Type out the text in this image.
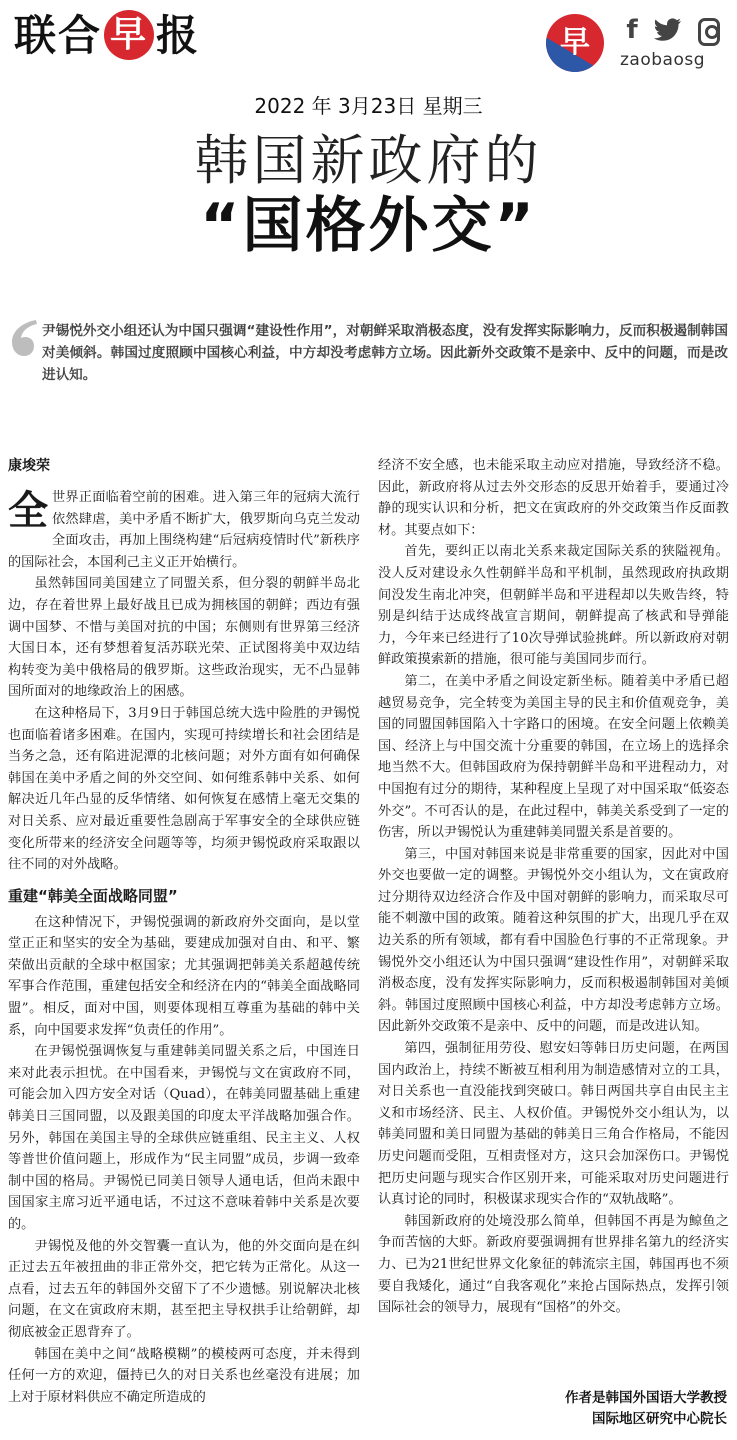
联合 早 报	早	f
zaobaosg
2022 年 3月23日 星期三
韩国新政府的
“国格外交”
尹锡悦外交小组还认为中国只强调“建设性作用”，对朝鲜采取消极态度，没有发挥实际影响力，反而积极遏制韩国对美倾斜。韩国过度照顾中国核心利益，中方却没考虑韩方立场。因此新外交政策不是亲中、反中的问题，而是改进认知。
康埈荣

全世界正面临着空前的困难。进入第三年的冠病大流行依然肆虐，美中矛盾不断扩大，俄罗斯向乌克兰发动全面攻击，再加上围绕构建“后冠病疫情时代”新秩序的国际社会，本国利己主义正开始横行。

虽然韩国同美国建立了同盟关系，但分裂的朝鲜半岛北边，存在着世界上最好战且已成为拥核国的朝鲜；西边有强调中国梦、不惜与美国对抗的中国；东侧则有世界第三经济大国日本，还有梦想着复活苏联光荣、正试图将美中双边结构转变为美中俄格局的俄罗斯。这些政治现实，无不凸显韩国所面对的地缘政治上的困感。

在这种格局下，3月9日于韩国总统大选中险胜的尹锡悦也面临着诸多困难。在国内，实现可持续增长和社会团结是当务之急，还有陷进泥潭的北核问题；对外方面有如何确保韩国在美中矛盾之间的外交空间、如何维系韩中关系、如何解决近几年凸显的反华情绪、如何恢复在感情上毫无交集的对日关系、应对最近重要性急剧高于军事安全的全球供应链变化所带来的经济安全问题等等，均须尹锡悦政府采取跟以往不同的对外战略。

重建“韩美全面战略同盟”

在这种情况下，尹锡悦强调的新政府外交面向，是以堂堂正正和坚实的安全为基础，要建成加强对自由、和平、繁荣做出贡献的全球中枢国家；尤其强调把韩美关系超越传统军事合作范围，重建包括安全和经济在内的“韩美全面战略同盟”。相反，面对中国，则要体现相互尊重为基础的韩中关系，向中国要求发挥“负责任的作用”。

在尹锡悦强调恢复与重建韩美同盟关系之后，中国连日来对此表示担忧。在中国看来，尹锡悦与文在寅政府不同，可能会加入四方安全对话（Quad），在韩美同盟基础上重建韩美日三国同盟，以及跟美国的印度太平洋战略加强合作。另外，韩国在美国主导的全球供应链重组、民主主义、人权等普世价值问题上，形成作为“民主同盟”成员，步调一致牵制中国的格局。尹锡悦已同美日领导人通电话，但尚未跟中国国家主席习近平通电话，不过这不意味着韩中关系是次要的。

尹锡悦及他的外交智囊一直认为，他的外交面向是在纠正过去五年被扭曲的非正常外交，把它转为正常化。从这一点看，过去五年的韩国外交留下了不少遗憾。别说解决北核问题，在文在寅政府末期，甚至把主导权拱手让给朝鲜，却彻底被金正恩背弃了。

韩国在美中之间“战略模糊”的模棱两可态度，并未得到任何一方的欢迎，僵持已久的对日关系也丝毫没有进展；加上对于原材料供应不确定所造成的

经济不安全感，也未能采取主动应对措施，导致经济不稳。因此，新政府将从过去外交形态的反思开始着手，要通过冷静的现实认识和分析，把文在寅政府的外交政策当作反面教材。其要点如下：

首先，要纠正以南北关系来裁定国际关系的狭隘视角。没人反对建设永久性朝鲜半岛和平机制，虽然现政府执政期间没发生南北冲突，但朝鲜半岛和平进程却以失败告终，特别是纠结于达成终战宣言期间，朝鲜提高了核武和导弹能力，今年来已经进行了10次导弹试验挑衅。所以新政府对朝鲜政策摸索新的措施，很可能与美国同步而行。

第二，在美中矛盾之间设定新坐标。随着美中矛盾已超越贸易竞争，完全转变为美国主导的民主和价值观竞争，美国的同盟国韩国陷入十字路口的困境。在安全问题上依赖美国、经济上与中国交流十分重要的韩国，在立场上的选择余地当然不大。但韩国政府为保持朝鲜半岛和平进程动力，对中国抱有过分的期待，某种程度上呈现了对中国采取“低姿态外交”。不可否认的是，在此过程中，韩美关系受到了一定的伤害，所以尹锡悦认为重建韩美同盟关系是首要的。

第三，中国对韩国来说是非常重要的国家，因此对中国外交也要做一定的调整。尹锡悦外交小组认为，文在寅政府过分期待双边经济合作及中国对朝鲜的影响力，而采取尽可能不刺激中国的政策。随着这种氛围的扩大，出现几乎在双边关系的所有领域，都有看中国脸色行事的不正常现象。尹锡悦外交小组还认为中国只强调“建设性作用”，对朝鲜采取消极态度，没有发挥实际影响力，反而积极遏制韩国对美倾斜。韩国过度照顾中国核心利益，中方却没考虑韩方立场。因此新外交政策不是亲中、反中的问题，而是改进认知。

第四，强制征用劳役、慰安妇等韩日历史问题，在两国国内政治上，持续不断被互相利用为制造感情对立的工具，对日关系也一直没能找到突破口。韩日两国共享自由民主主义和市场经济、民主、人权价值。尹锡悦外交小组认为，以韩美同盟和美日同盟为基础的韩美日三角合作格局，不能因历史问题而受阻，互相责怪对方，这只会加深伤口。尹锡悦把历史问题与现实合作区别开来，可能采取对历史问题进行认真讨论的同时，积极谋求现实合作的“双轨战略”。

韩国新政府的处境没那么简单，但韩国不再是为鲸鱼之争而苦恼的大虾。新政府要强调拥有世界排名第九的经济实力、已为21世纪世界文化象征的韩流宗主国，韩国再也不须要自我矮化，通过“自我客观化”来抢占国际热点，发挥引领国际社会的领导力，展现有“国格”的外交。

作者是韩国外国语大学教授
国际地区研究中心院长
